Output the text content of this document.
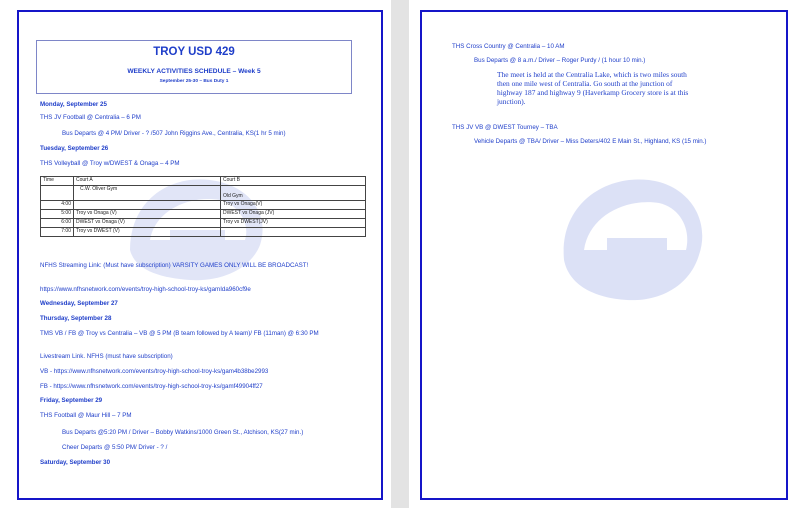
TROY USD 429
WEEKLY ACTIVITIES SCHEDULE – Week 5
September 25-30 – Bus Duty 1
Monday, September 25
THS JV Football @ Centralia – 6 PM
Bus Departs @ 4 PM/ Driver - ? /507 John Riggins Ave., Centralia, KS(1 hr 5 min)
Tuesday, September 26
THS Volleyball @ Troy w/DWEST & Onaga – 4 PM
Time	Court A	Court B

	C.W. Oliver Gym	Old Gym
4:00		Troy vs Onaga(V)
5:00	Troy vs Onaga (V)	DWEST vs Onaga (JV)
6:00	DWEST vs Onaga (V)	Troy vs DWEST(JV)
7:00	Troy vs DWEST (V)	
NFHS Streaming Link: (Must have subscription) VARSITY GAMES ONLY WILL BE BROADCAST!
https://www.nfhsnetwork.com/events/troy-high-school-troy-ks/gamIda960cf9e
Wednesday, September 27
Thursday, September 28
TMS VB / FB @ Troy vs Centralia – VB @ 5 PM (B team followed by A team)/ FB (11man) @ 6:30 PM
Livestream Link. NFHS (must have subscription)
VB - https://www.nfhsnetwork.com/events/troy-high-school-troy-ks/gam4b38be2993
FB - https://www.nfhsnetwork.com/events/troy-high-school-troy-ks/gamf49904ff27
Friday, September 29
THS Football @ Maur Hill – 7 PM
Bus Departs @5:20 PM / Driver – Bobby Watkins/1000 Green St., Atchison, KS(27 min.)
Cheer Departs @ 5:50 PM/ Driver - ? /
Saturday, September 30
THS Cross Country @ Centralia – 10 AM
Bus Departs @ 8 a.m./ Driver – Roger Purdy / (1 hour 10 min.)
The meet is held at the Centralia Lake, which is two miles south
then one mile west of Centralia. Go south at the junction of
highway 187 and highway 9 (Haverkamp Grocery store is at this
junction).
THS JV VB @ DWEST Tourney – TBA
Vehicle Departs @ TBA/ Driver – Miss Deters/402 E Main St., Highland, KS (15 min.)
